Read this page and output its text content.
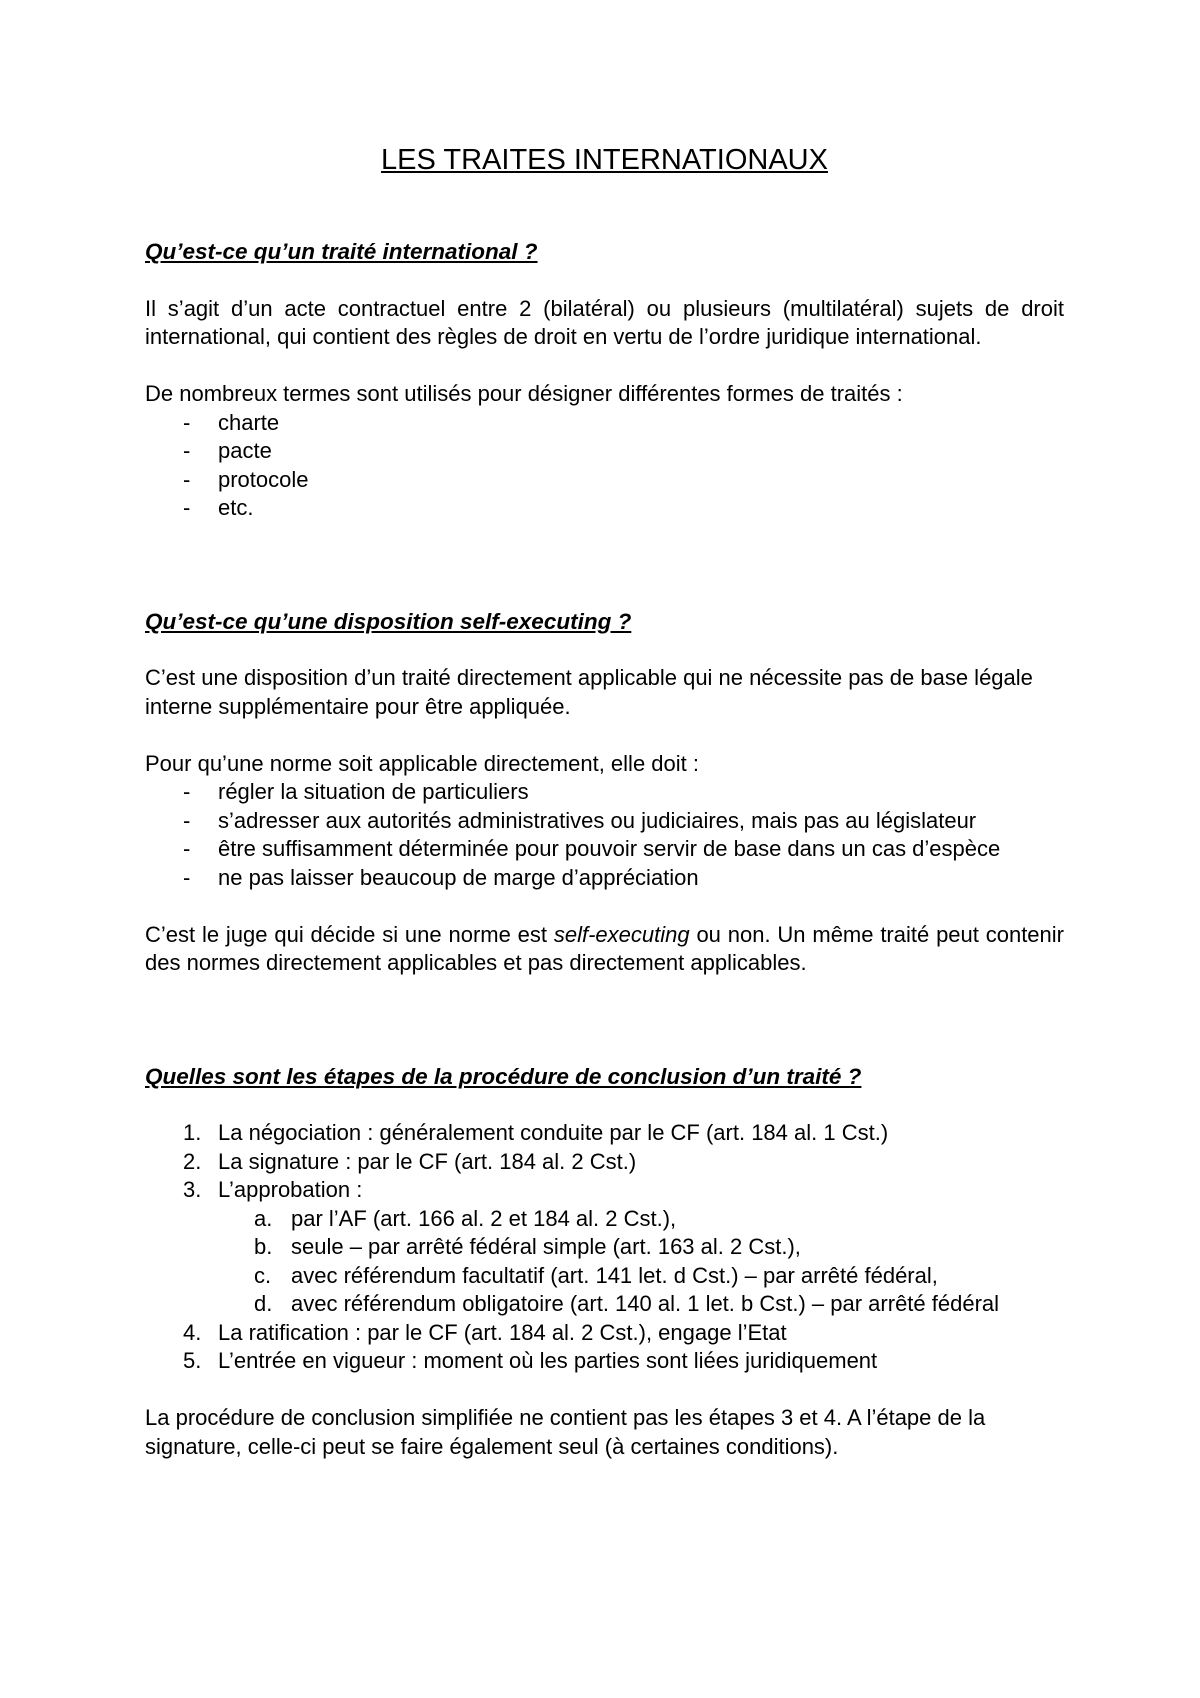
LES TRAITES INTERNATIONAUX

Qu’est-ce qu’un traité international ?

Il s’agit d’un acte contractuel entre 2 (bilatéral) ou plusieurs (multilatéral) sujets de droit international, qui contient des règles de droit en vertu de l’ordre juridique international.

De nombreux termes sont utilisés pour désigner différentes formes de traités :

- charte
- pacte
- protocole
- etc.

Qu’est-ce qu’une disposition self-executing ?

C’est une disposition d’un traité directement applicable qui ne nécessite pas de base légale interne supplémentaire pour être appliquée.

Pour qu’une norme soit applicable directement, elle doit :

- régler la situation de particuliers
- s’adresser aux autorités administratives ou judiciaires, mais pas au législateur
- être suffisamment déterminée pour pouvoir servir de base dans un cas d’espèce
- ne pas laisser beaucoup de marge d’appréciation

C’est le juge qui décide si une norme est self-executing ou non. Un même traité peut contenir des normes directement applicables et pas directement applicables.

Quelles sont les étapes de la procédure de conclusion d’un traité ?

1. La négociation : généralement conduite par le CF (art. 184 al. 1 Cst.)
2. La signature : par le CF (art. 184 al. 2 Cst.)
3. L’approbation :
a. par l’AF (art. 166 al. 2 et 184 al. 2 Cst.),
b. seule – par arrêté fédéral simple (art. 163 al. 2 Cst.),
c. avec référendum facultatif (art. 141 let. d Cst.) – par arrêté fédéral,
d. avec référendum obligatoire (art. 140 al. 1 let. b Cst.) – par arrêté fédéral
4. La ratification : par le CF (art. 184 al. 2 Cst.), engage l’Etat
5. L’entrée en vigueur : moment où les parties sont liées juridiquement

La procédure de conclusion simplifiée ne contient pas les étapes 3 et 4. A l’étape de la signature, celle-ci peut se faire également seul (à certaines conditions).
